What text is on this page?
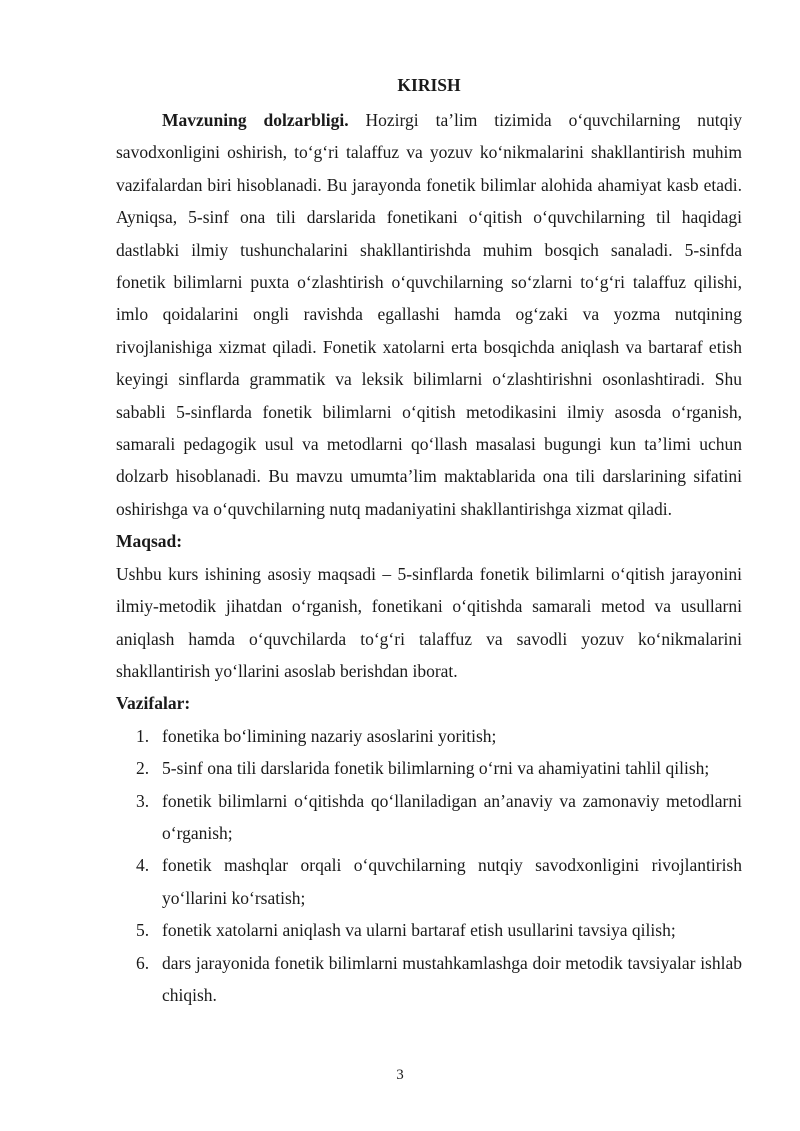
KIRISH

Mavzuning dolzarbligi. Hozirgi ta’lim tizimida o‘quvchilarning nutqiy savodxonligini oshirish, to‘g‘ri talaffuz va yozuv ko‘nikmalarini shakllantirish muhim vazifalardan biri hisoblanadi. Bu jarayonda fonetik bilimlar alohida ahamiyat kasb etadi. Ayniqsa, 5-sinf ona tili darslarida fonetikani o‘qitish o‘quvchilarning til haqidagi dastlabki ilmiy tushunchalarini shakllantirishda muhim bosqich sanaladi. 5-sinfda fonetik bilimlarni puxta o‘zlashtirish o‘quvchilarning so‘zlarni to‘g‘ri talaffuz qilishi, imlo qoidalarini ongli ravishda egallashi hamda og‘zaki va yozma nutqining rivojlanishiga xizmat qiladi. Fonetik xatolarni erta bosqichda aniqlash va bartaraf etish keyingi sinflarda grammatik va leksik bilimlarni o‘zlashtirishni osonlashtiradi. Shu sababli 5-sinflarda fonetik bilimlarni o‘qitish metodikasini ilmiy asosda o‘rganish, samarali pedagogik usul va metodlarni qo‘llash masalasi bugungi kun ta’limi uchun dolzarb hisoblanadi. Bu mavzu umumta’lim maktablarida ona tili darslarining sifatini oshirishga va o‘quvchilarning nutq madaniyatini shakllantirishga xizmat qiladi.

Maqsad:

Ushbu kurs ishining asosiy maqsadi – 5-sinflarda fonetik bilimlarni o‘qitish jarayonini ilmiy-metodik jihatdan o‘rganish, fonetikani o‘qitishda samarali metod va usullarni aniqlash hamda o‘quvchilarda to‘g‘ri talaffuz va savodli yozuv ko‘nikmalarini shakllantirish yo‘llarini asoslab berishdan iborat.

Vazifalar:
1. fonetika bo‘limining nazariy asoslarini yoritish;
2. 5-sinf ona tili darslarida fonetik bilimlarning o‘rni va ahamiyatini tahlil qilish;
3. fonetik bilimlarni o‘qitishda qo‘llaniladigan an’anaviy va zamonaviy metodlarni o‘rganish;
4. fonetik mashqlar orqali o‘quvchilarning nutqiy savodxonligini rivojlantirish yo‘llarini ko‘rsatish;
5. fonetik xatolarni aniqlash va ularni bartaraf etish usullarini tavsiya qilish;
6. dars jarayonida fonetik bilimlarni mustahkamlashga doir metodik tavsiyalar ishlab chiqish.
3
